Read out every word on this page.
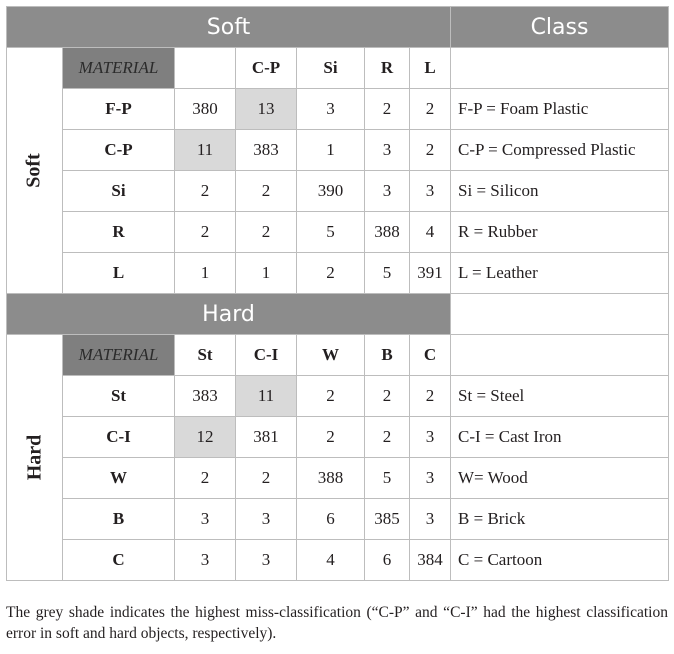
Soft							Class
Soft	MATERIAL		C-P	Si	R	L	
	F-P	380	13	3	2	2	F-P = Foam Plastic
	C-P	11	383	1	3	2	C-P = Compressed Plastic
	Si	2	2	390	3	3	Si = Silicon
	R	2	2	5	388	4	R = Rubber
	L	1	1	2	5	391	L = Leather
Hard							
Hard	MATERIAL	St	C-I	W	B	C	
	St	383	11	2	2	2	St = Steel
	C-I	12	381	2	2	3	C-I = Cast Iron
	W	2	2	388	5	3	W= Wood
	B	3	3	6	385	3	B = Brick
	C	3	3	4	6	384	C = Cartoon
The grey shade indicates the highest miss-classification (“C-P” and “C-I” had the highest classification error in soft and hard objects, respectively).
